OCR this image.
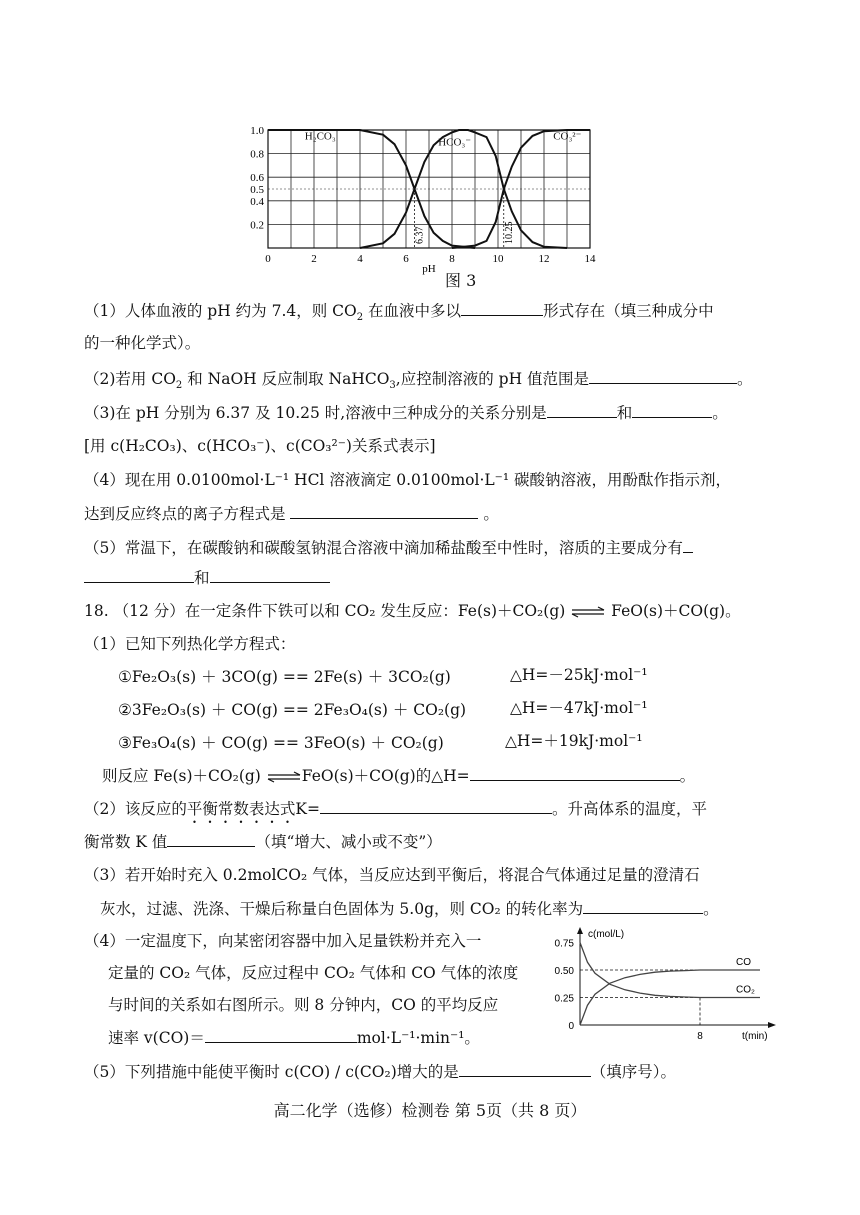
0	2	4	6	8	10	12	14
1.0
0.8
0.6
0.5
0.4
0.2
pH
H₂CO₃	HCO₃⁻	CO₃²⁻
6.37	10.25
图 3
（1）人体血液的 pH 约为 7.4，则 $CO_2$ 在血液中多以	形式存在（填三种成分中
的一种化学式）。
（2)若用 $CO_2$ 和 NaOH 反应制取 NaHCO$_3$,应控制溶液的 pH 值范围是	。
（3)在 pH 分别为 6.37 及 10.25 时,溶液中三种成分的关系分别是	和	。
[用 c(H₂CO₃)、c(HCO₃⁻)、c(CO₃²⁻)关系式表示]
（4）现在用 0.0100mol·L⁻¹ HCl 溶液滴定 0.0100mol·L⁻¹ 碳酸钠溶液，用酚酞作指示剂，
达到反应终点的离子方程式是	。
（5）常温下，在碳酸钠和碳酸氢钠混合溶液中滴加稀盐酸至中性时，溶质的主要成分有
和
18. （12 分）在一定条件下铁可以和 CO₂ 发生反应：Fe(s)＋CO₂(g) ⇌ FeO(s)＋CO(g)。
（1）已知下列热化学方程式：
①Fe₂O₃(s) ＋ 3CO(g) == 2Fe(s) ＋ 3CO₂(g)	△H=－25kJ·mol⁻¹
②3Fe₂O₃(s) ＋ CO(g) == 2Fe₃O₄(s) ＋ CO₂(g)	△H=－47kJ·mol⁻¹
③Fe₃O₄(s) ＋ CO(g) == 3FeO(s) ＋ CO₂(g)	△H=＋19kJ·mol⁻¹
则反应 Fe(s)＋CO₂(g) ⇌FeO(s)＋CO(g)的△H=	。
（2）该反应的平衡常数表达式K=	。升高体系的温度，平
衡常数 K 值	（填“增大、减小或不变”）
（3）若开始时充入 0.2molCO₂ 气体，当反应达到平衡后，将混合气体通过足量的澄清石
灰水，过滤、洗涤、干燥后称量白色固体为 5.0g，则 CO₂ 的转化率为	。
（4）一定温度下，向某密闭容器中加入足量铁粉并充入一
定量的 CO₂ 气体，反应过程中 CO₂ 气体和 CO 气体的浓度
与时间的关系如右图所示。则 8 分钟内，CO 的平均反应
速率 v(CO)＝	mol·L⁻¹·min⁻¹。
c(mol/L)
t(min)
0.75
0.50
0.25
0
8
CO
CO₂
（5）下列措施中能使平衡时 c(CO) / c(CO₂)增大的是	（填序号）。
高二化学（选修）检测卷 第 5页（共 8 页）
